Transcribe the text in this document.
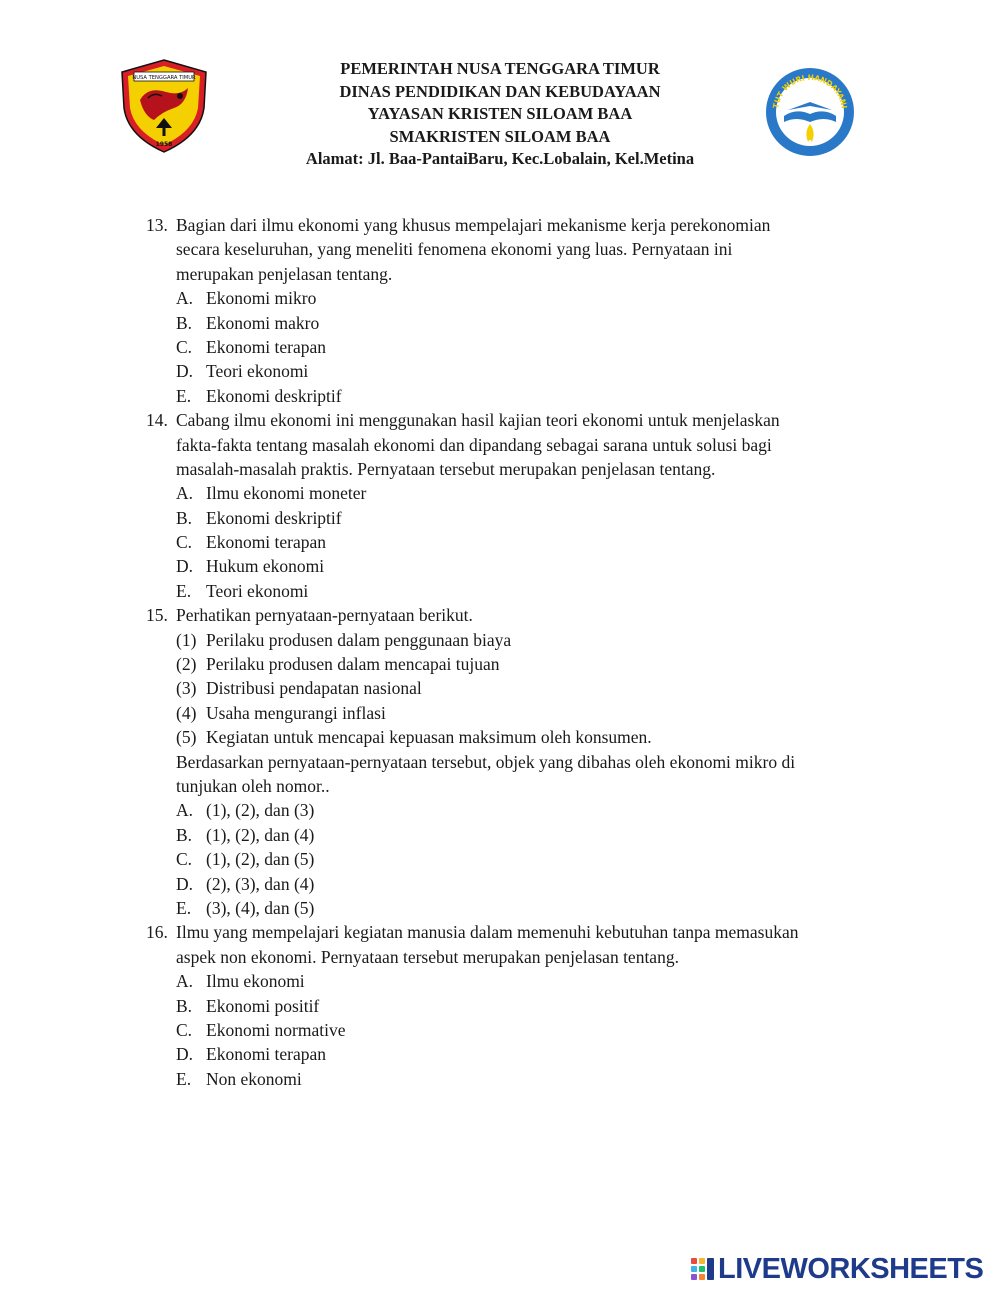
NUSA TENGGARA TIMUR
1958
PEMERINTAH NUSA TENGGARA TIMUR
DINAS PENDIDIKAN DAN KEBUDAYAAN
YAYASAN KRISTEN SILOAM BAA
SMAKRISTEN SILOAM BAA
Alamat: Jl. Baa-PantaiBaru, Kec.Lobalain, Kel.Metina
TUT WURI HANDAYANI
13. Bagian dari ilmu ekonomi yang khusus mempelajari mekanisme kerja perekonomian
secara keseluruhan, yang meneliti fenomena ekonomi yang luas. Pernyataan ini
merupakan penjelasan tentang.
A. Ekonomi mikro
B. Ekonomi makro
C. Ekonomi terapan
D. Teori ekonomi
E. Ekonomi deskriptif
14. Cabang ilmu ekonomi ini menggunakan hasil kajian teori ekonomi untuk menjelaskan
fakta-fakta tentang masalah ekonomi dan dipandang sebagai sarana untuk solusi bagi
masalah-masalah praktis. Pernyataan tersebut merupakan penjelasan tentang.
A. Ilmu ekonomi moneter
B. Ekonomi deskriptif
C. Ekonomi terapan
D. Hukum ekonomi
E. Teori ekonomi
15. Perhatikan pernyataan-pernyataan berikut.
(1) Perilaku produsen dalam penggunaan biaya
(2) Perilaku produsen dalam mencapai tujuan
(3) Distribusi pendapatan nasional
(4) Usaha mengurangi inflasi
(5) Kegiatan untuk mencapai kepuasan maksimum oleh konsumen.
Berdasarkan pernyataan-pernyataan tersebut, objek yang dibahas oleh ekonomi mikro di
tunjukan oleh nomor..
A. (1), (2), dan (3)
B. (1), (2), dan (4)
C. (1), (2), dan (5)
D. (2), (3), dan (4)
E. (3), (4), dan (5)
16. Ilmu yang mempelajari kegiatan manusia dalam memenuhi kebutuhan tanpa memasukan
aspek non ekonomi. Pernyataan tersebut merupakan penjelasan tentang.
A. Ilmu ekonomi
B. Ekonomi positif
C. Ekonomi normative
D. Ekonomi terapan
E. Non ekonomi
LIVEWORKSHEETS
